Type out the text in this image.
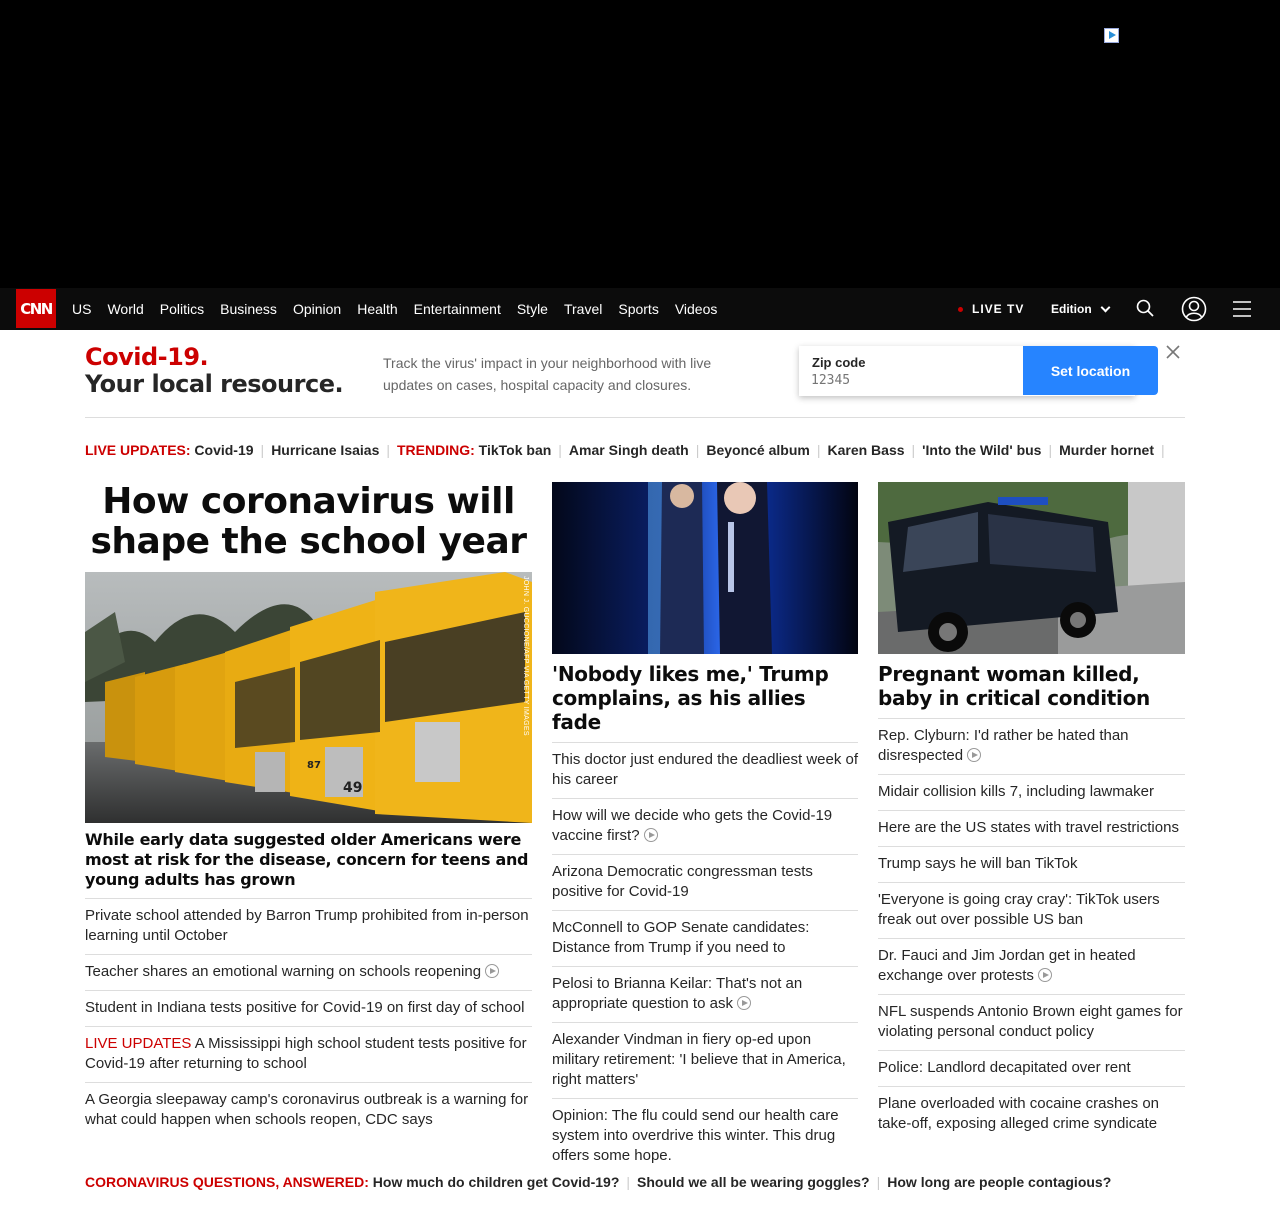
CNN US World Politics Business Opinion Health Entertainment Style Travel Sports Videos	LIVE TV Edition
Covid-19.
Your local resource.
Track the virus' impact in your neighborhood with live updates on cases, hospital capacity and closures.
Zip code
12345	Set location
LIVE UPDATES: Covid-19 | Hurricane Isaias | TRENDING: TikTok ban | Amar Singh death | Beyoncé album | Karen Bass | 'Into the Wild' bus | Murder hornet |
How coronavirus will shape the school year
49
87
JOHN J. GUCCIONE/AFP VIA GETTY IMAGES
While early data suggested older Americans were most at risk for the disease, concern for teens and young adults has grown
Private school attended by Barron Trump prohibited from in-person learning until October
Teacher shares an emotional warning on schools reopening
Student in Indiana tests positive for Covid-19 on first day of school
LIVE UPDATES A Mississippi high school student tests positive for Covid-19 after returning to school
A Georgia sleepaway camp's coronavirus outbreak is a warning for what could happen when schools reopen, CDC says
'Nobody likes me,' Trump complains, as his allies fade
This doctor just endured the deadliest week of his career
How will we decide who gets the Covid-19 vaccine first?
Arizona Democratic congressman tests positive for Covid-19
McConnell to GOP Senate candidates: Distance from Trump if you need to
Pelosi to Brianna Keilar: That's not an appropriate question to ask
Alexander Vindman in fiery op-ed upon military retirement: 'I believe that in America, right matters'
Opinion: The flu could send our health care system into overdrive this winter. This drug offers some hope.
Pregnant woman killed, baby in critical condition
Rep. Clyburn: I'd rather be hated than disrespected
Midair collision kills 7, including lawmaker
Here are the US states with travel restrictions
Trump says he will ban TikTok
'Everyone is going cray cray': TikTok users freak out over possible US ban
Dr. Fauci and Jim Jordan get in heated exchange over protests
NFL suspends Antonio Brown eight games for violating personal conduct policy
Police: Landlord decapitated over rent
Plane overloaded with cocaine crashes on take-off, exposing alleged crime syndicate
CORONAVIRUS QUESTIONS, ANSWERED: How much do children get Covid-19? | Should we all be wearing goggles? | How long are people contagious?
